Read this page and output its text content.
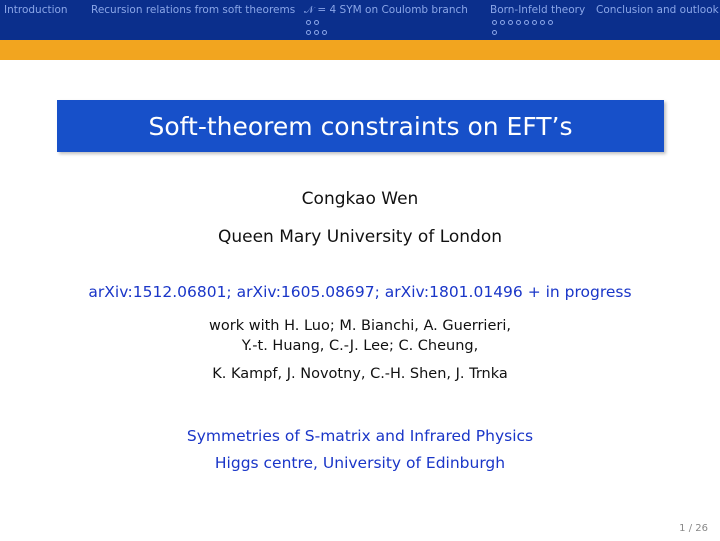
Introduction Recursion relations from soft theorems 𝒩 = 4 SYM on Coulomb branch Born-Infeld theory Conclusion and outlook
Soft-theorem constraints on EFT’s
Congkao Wen
Queen Mary University of London
arXiv:1512.06801; arXiv:1605.08697; arXiv:1801.01496 + in progress
work with H. Luo; M. Bianchi, A. Guerrieri,
Y.-t. Huang, C.-J. Lee; C. Cheung,
K. Kampf, J. Novotny, C.-H. Shen, J. Trnka
Symmetries of S-matrix and Infrared Physics
Higgs centre, University of Edinburgh
1 / 26
